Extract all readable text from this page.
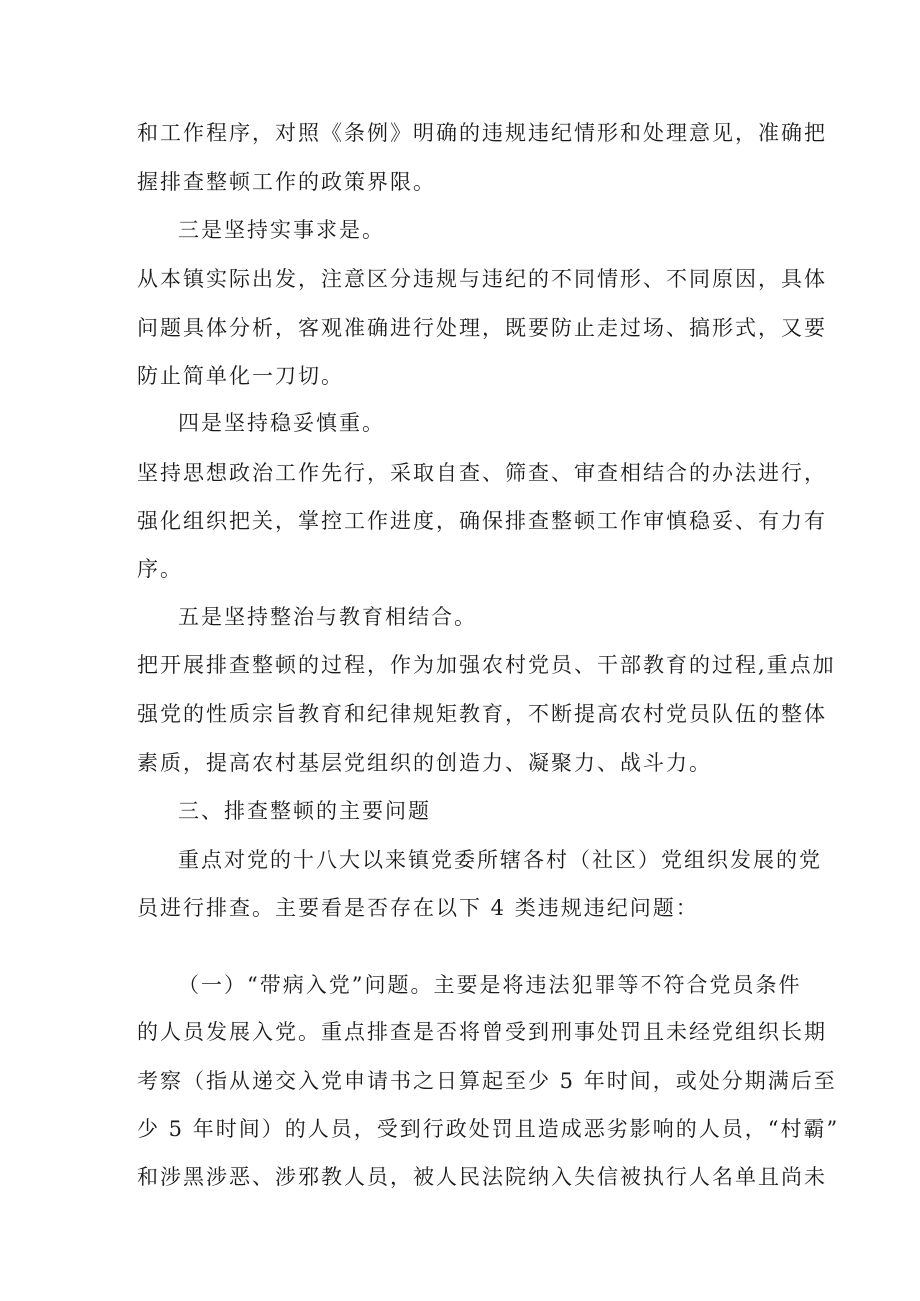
和工作程序，对照《条例》明确的违规违纪情形和处理意见，准确把
握排查整顿工作的政策界限。
三是坚持实事求是。
从本镇实际出发，注意区分违规与违纪的不同情形、不同原因，具体
问题具体分析，客观准确进行处理，既要防止走过场、搞形式，又要
防止简单化一刀切。
四是坚持稳妥慎重。
坚持思想政治工作先行，采取自查、筛查、审查相结合的办法进行，
强化组织把关，掌控工作进度，确保排查整顿工作审慎稳妥、有力有
序。
五是坚持整治与教育相结合。
把开展排查整顿的过程，作为加强农村党员、干部教育的过程,重点加
强党的性质宗旨教育和纪律规矩教育，不断提高农村党员队伍的整体
素质，提高农村基层党组织的创造力、凝聚力、战斗力。
三、排查整顿的主要问题
重点对党的十八大以来镇党委所辖各村（社区）党组织发展的党
员进行排查。主要看是否存在以下 4 类违规违纪问题：
（一）“带病入党”问题。主要是将违法犯罪等不符合党员条件
的人员发展入党。重点排查是否将曾受到刑事处罚且未经党组织长期
考察（指从递交入党申请书之日算起至少 5 年时间，或处分期满后至
少 5 年时间）的人员，受到行政处罚且造成恶劣影响的人员，“村霸”
和涉黑涉恶、涉邪教人员，被人民法院纳入失信被执行人名单且尚未
